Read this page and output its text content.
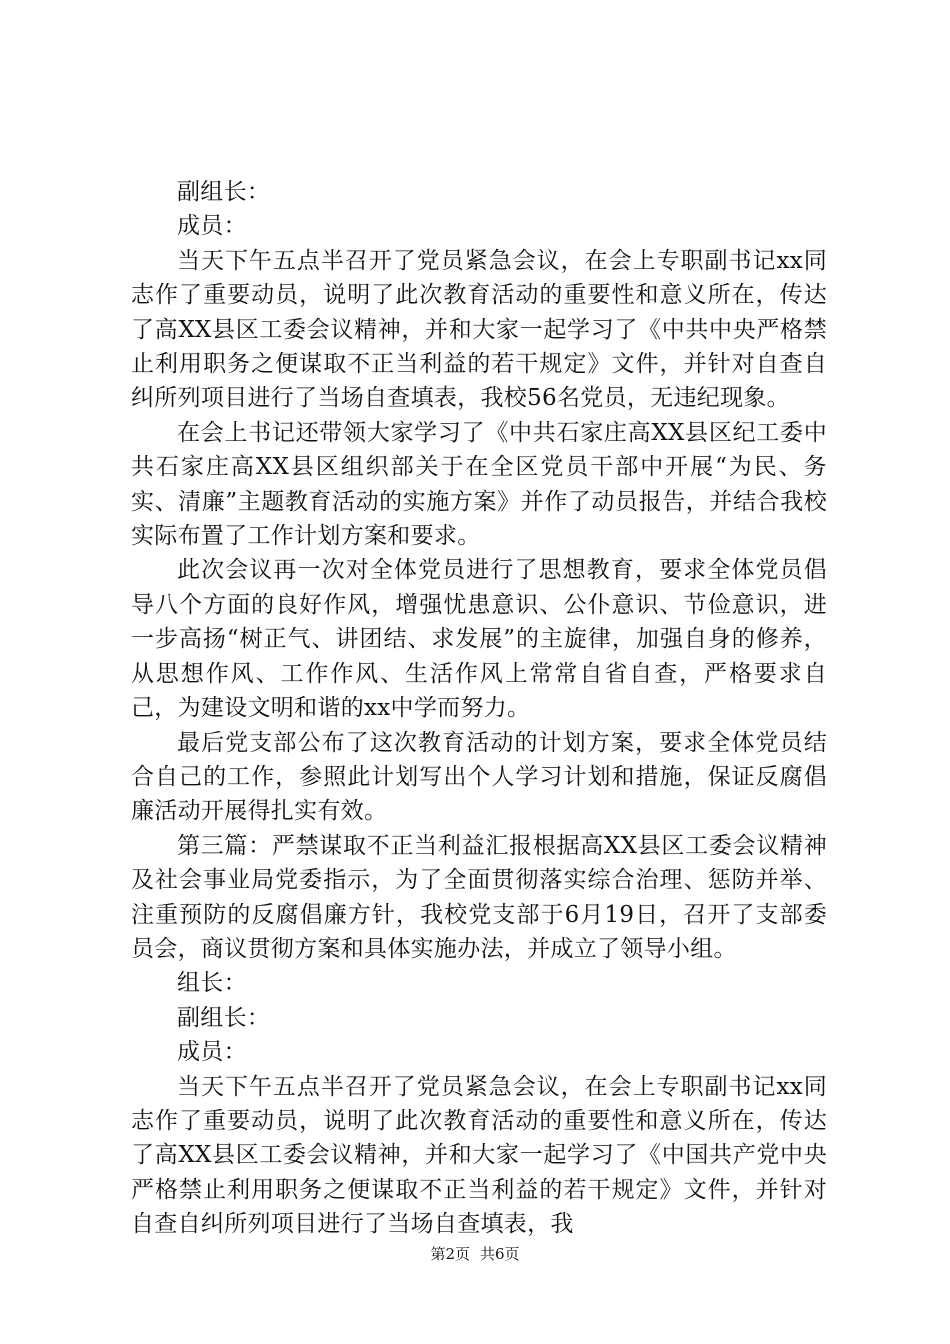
副组长：

成员：

当天下午五点半召开了党员紧急会议，在会上专职副书记xx同志作了重要动员，说明了此次教育活动的重要性和意义所在，传达了高XX县区工委会议精神，并和大家一起学习了《中共中央严格禁止利用职务之便谋取不正当利益的若干规定》文件，并针对自查自纠所列项目进行了当场自查填表，我校56名党员，无违纪现象。

在会上书记还带领大家学习了《中共石家庄高XX县区纪工委中共石家庄高XX县区组织部关于在全区党员干部中开展“为民、务实、清廉”主题教育活动的实施方案》并作了动员报告，并结合我校实际布置了工作计划方案和要求。

此次会议再一次对全体党员进行了思想教育，要求全体党员倡导八个方面的良好作风，增强忧患意识、公仆意识、节俭意识，进一步高扬“树正气、讲团结、求发展”的主旋律，加强自身的修养，从思想作风、工作作风、生活作风上常常自省自查，严格要求自己，为建设文明和谐的xx中学而努力。

最后党支部公布了这次教育活动的计划方案，要求全体党员结合自己的工作，参照此计划写出个人学习计划和措施，保证反腐倡廉活动开展得扎实有效。

第三篇：严禁谋取不正当利益汇报根据高XX县区工委会议精神及社会事业局党委指示，为了全面贯彻落实综合治理、惩防并举、注重预防的反腐倡廉方针，我校党支部于6月19日，召开了支部委员会，商议贯彻方案和具体实施办法，并成立了领导小组。

组长：

副组长：

成员：

当天下午五点半召开了党员紧急会议，在会上专职副书记xx同志作了重要动员，说明了此次教育活动的重要性和意义所在，传达了高XX县区工委会议精神，并和大家一起学习了《中国共产党中央严格禁止利用职务之便谋取不正当利益的若干规定》文件，并针对自查自纠所列项目进行了当场自查填表，我

第2页 共6页
